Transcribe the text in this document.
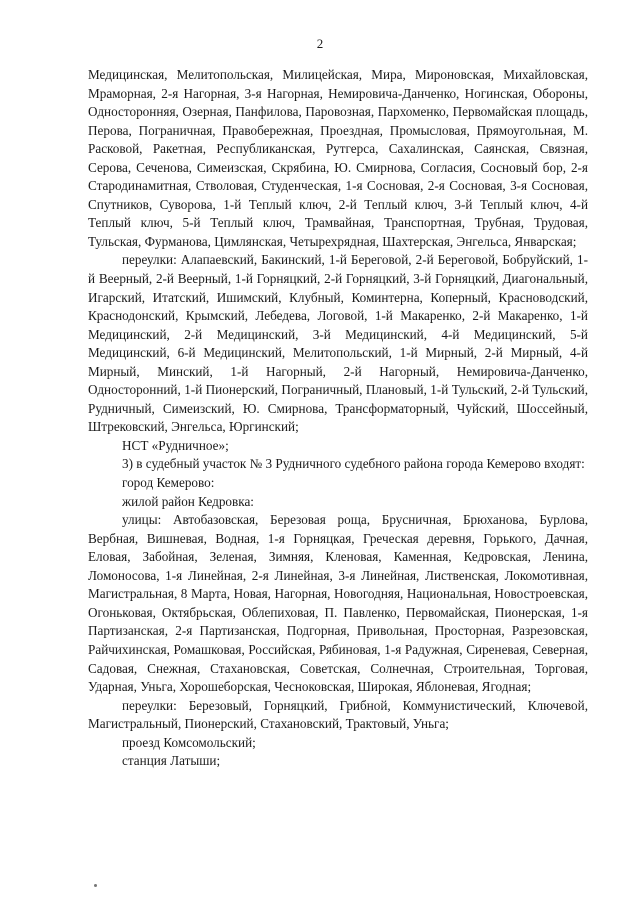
2

Медицинская, Мелитопольская, Милицейская, Мира, Мироновская, Михайловская, Мраморная, 2-я Нагорная, 3-я Нагорная, Немировича-Данченко, Ногинская, Обороны, Односторонняя, Озерная, Панфилова, Паровозная, Пархоменко, Первомайская площадь, Перова, Пограничная, Правобережная, Проездная, Промысловая, Прямоугольная, М. Расковой, Ракетная, Республиканская, Рутгерса, Сахалинская, Саянская, Связная, Серова, Сеченова, Симеизская, Скрябина, Ю. Смирнова, Согласия, Сосновый бор, 2-я Стародинамитная, Стволовая, Студенческая, 1-я Сосновая, 2-я Сосновая, 3-я Сосновая, Спутников, Суворова, 1-й Теплый ключ, 2-й Теплый ключ, 3-й Теплый ключ, 4-й Теплый ключ, 5-й Теплый ключ, Трамвайная, Транспортная, Трубная, Трудовая, Тульская, Фурманова, Цимлянская, Четырехрядная, Шахтерская, Энгельса, Январская;

переулки: Алапаевский, Бакинский, 1-й Береговой, 2-й Береговой, Бобруйский, 1-й Веерный, 2-й Веерный, 1-й Горняцкий, 2-й Горняцкий, 3-й Горняцкий, Диагональный, Игарский, Итатский, Ишимский, Клубный, Коминтерна, Коперный, Красноводский, Краснодонский, Крымский, Лебедева, Логовой, 1-й Макаренко, 2-й Макаренко, 1-й Медицинский, 2-й Медицинский, 3-й Медицинский, 4-й Медицинский, 5-й Медицинский, 6-й Медицинский, Мелитопольский, 1-й Мирный, 2-й Мирный, 4-й Мирный, Минский, 1-й Нагорный, 2-й Нагорный, Немировича-Данченко, Односторонний, 1-й Пионерский, Пограничный, Плановый, 1-й Тульский, 2-й Тульский, Рудничный, Симеизский, Ю. Смирнова, Трансформаторный, Чуйский, Шоссейный, Штрековский, Энгельса, Юргинский;

НСТ «Рудничное»;

3) в судебный участок № 3 Рудничного судебного района города Кемерово входят:

город Кемерово:

жилой район Кедровка:

улицы: Автобазовская, Березовая роща, Брусничная, Брюханова, Бурлова, Вербная, Вишневая, Водная, 1-я Горняцкая, Греческая деревня, Горького, Дачная, Еловая, Забойная, Зеленая, Зимняя, Кленовая, Каменная, Кедровская, Ленина, Ломоносова, 1-я Линейная, 2-я Линейная, 3-я Линейная, Лиственская, Локомотивная, Магистральная, 8 Марта, Новая, Нагорная, Новогодняя, Национальная, Новостроевская, Огоньковая, Октябрьская, Облепиховая, П. Павленко, Первомайская, Пионерская, 1-я Партизанская, 2-я Партизанская, Подгорная, Привольная, Просторная, Разрезовская, Райчихинская, Ромашковая, Российская, Рябиновая, 1-я Радужная, Сиреневая, Северная, Садовая, Снежная, Стахановская, Советская, Солнечная, Строительная, Торговая, Ударная, Уньга, Хорошеборская, Чесноковская, Широкая, Яблоневая, Ягодная;

переулки: Березовый, Горняцкий, Грибной, Коммунистический, Ключевой, Магистральный, Пионерский, Стахановский, Трактовый, Уньга;

проезд Комсомольский;

станция Латыши;
